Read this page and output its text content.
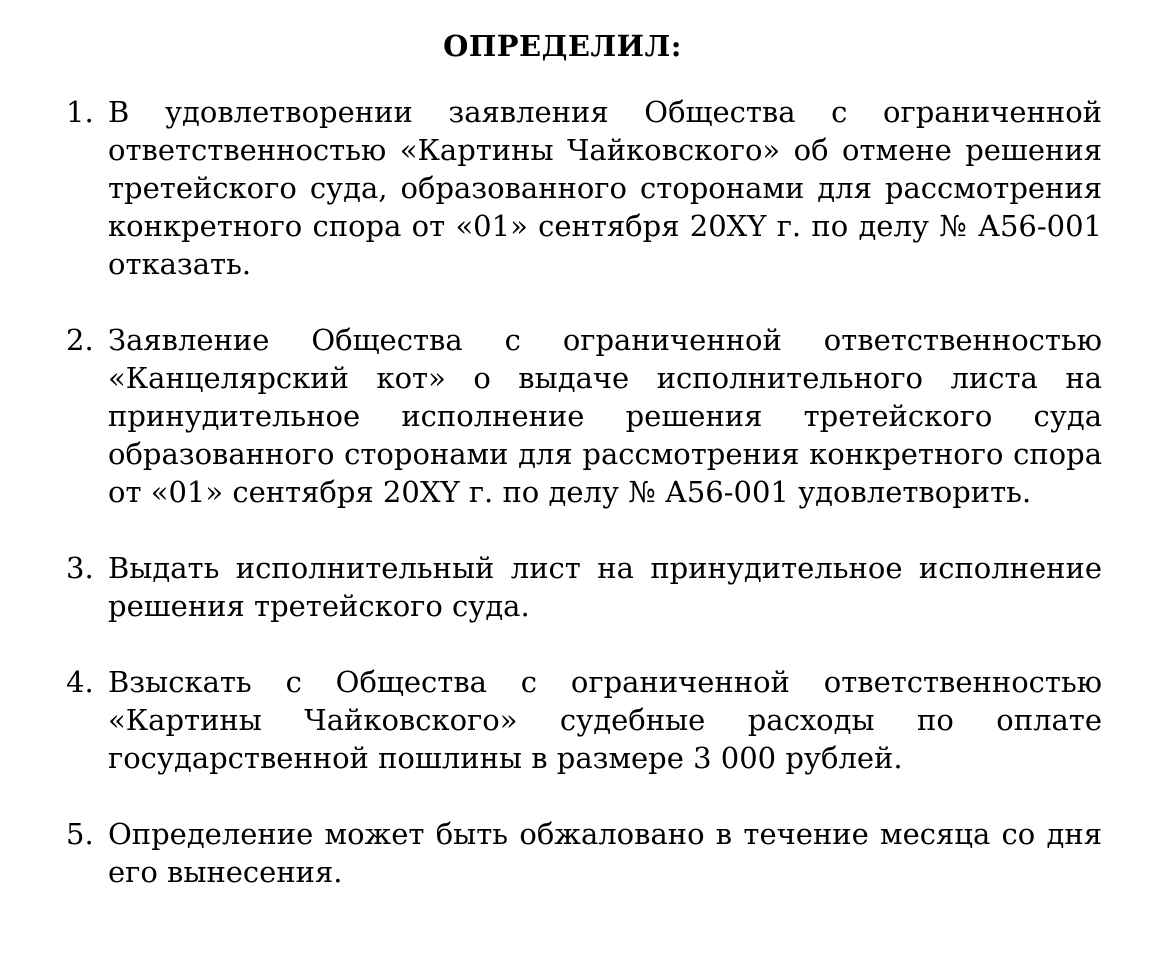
ОПРЕДЕЛИЛ:
1. В удовлетворении заявления Общества с ограниченной ответственностью «Картины Чайковского» об отмене решения третейского суда, образованного сторонами для рассмотрения конкретного спора от «01» сентября 20XY г. по делу № А56-001 отказать.
2. Заявление Общества с ограниченной ответственностью «Канцелярский кот» о выдаче исполнительного листа на принудительное исполнение решения третейского суда образованного сторонами для рассмотрения конкретного спора от «01» сентября 20XY г. по делу № А56-001 удовлетворить.
3. Выдать исполнительный лист на принудительное исполнение решения третейского суда.
4. Взыскать с Общества с ограниченной ответственностью «Картины Чайковского» судебные расходы по оплате государственной пошлины в размере 3 000 рублей.
5. Определение может быть обжаловано в течение месяца со дня его вынесения.
